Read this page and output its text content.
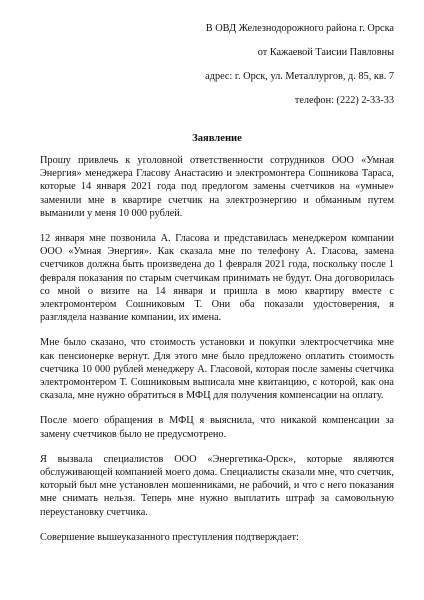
В ОВД Железнодорожного района г. Орска
от Кажаевой Таисии Павловны
адрес: г. Орск, ул. Металлургов, д. 85, кв. 7
телефон: (222) 2-33-33
Заявление

Прошу привлечь к уголовной ответственности сотрудников ООО «Умная Энергия» менеджера Гласову Анастасию и электромонтера Сошникова Тараса, которые 14 января 2021 года под предлогом замены счетчиков на «умные» заменили мне в квартире счетчик на электроэнергию и обманным путем выманили у меня 10 000 рублей.

12 января мне позвонила А. Гласова и представилась менеджером компании ООО «Умная Энергия». Как сказала мне по телефону А. Гласова, замена счетчиков должна быть произведена до 1 февраля 2021 года, поскольку после 1 февраля показания по старым счетчикам принимать не будут. Она договорилась со мной о визите на 14 января и пришла в мою квартиру вместе с электромонтером Сошниковым Т. Они оба показали удостоверения, я разглядела название компании, их имена.

Мне было сказано, что стоимость установки и покупки электросчетчика мне как пенсионерке вернут. Для этого мне было предложено оплатить стоимость счетчика 10 000 рублей менеджеру А. Гласовой, которая после замены счетчика электромонтером Т. Сошниковым выписала мне квитанцию, с которой, как она сказала, мне нужно обратиться в МФЦ для получения компенсации на оплату.

После моего обращения в МФЦ я выяснила, что никакой компенсации за замену счетчиков было не предусмотрено.

Я вызвала специалистов ООО «Энергетика-Орск», которые являются обслуживающей компанией моего дома. Специалисты сказали мне, что счетчик, который был мне установлен мошенниками, не рабочий, и что с него показания мне снимать нельзя. Теперь мне нужно выплатить штраф за самовольную переустановку счетчика.

Совершение вышеуказанного преступления подтверждает:
